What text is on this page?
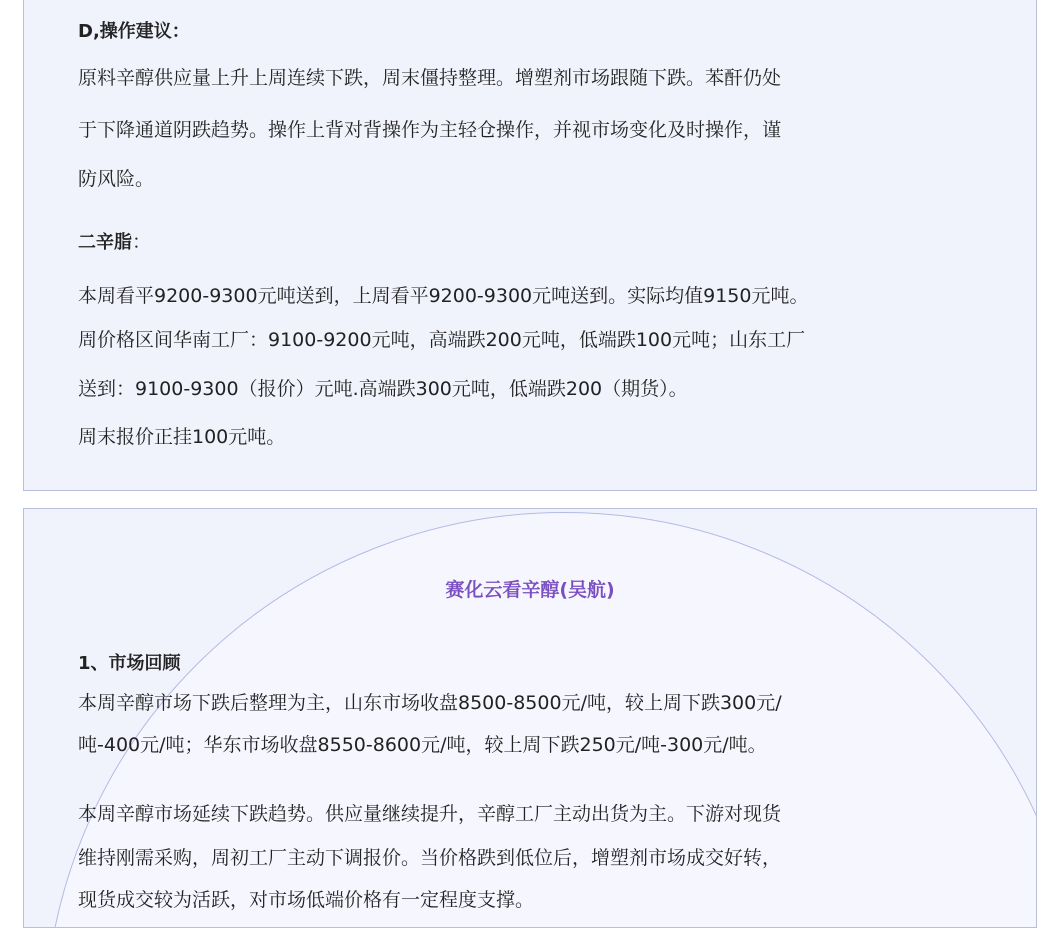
D,操作建议：

原料辛醇供应量上升上周连续下跌，周末僵持整理。增塑剂市场跟随下跌。苯酐仍处

于下降通道阴跌趋势。操作上背对背操作为主轻仓操作，并视市场变化及时操作，谨

防风险。

二辛脂：

本周看平9200-9300元吨送到，上周看平9200-9300元吨送到。实际均值9150元吨。

周价格区间华南工厂：9100-9200元吨，高端跌200元吨，低端跌100元吨；山东工厂

送到：9100-9300（报价）元吨.高端跌300元吨，低端跌200（期货）。

周末报价正挂100元吨。

赛化云看辛醇(吴航)

1、市场回顾

本周辛醇市场下跌后整理为主，山东市场收盘8500-8500元/吨，较上周下跌300元/

吨-400元/吨；华东市场收盘8550-8600元/吨，较上周下跌250元/吨-300元/吨。

本周辛醇市场延续下跌趋势。供应量继续提升，辛醇工厂主动出货为主。下游对现货

维持刚需采购，周初工厂主动下调报价。当价格跌到低位后，增塑剂市场成交好转，

现货成交较为活跃，对市场低端价格有一定程度支撑。
